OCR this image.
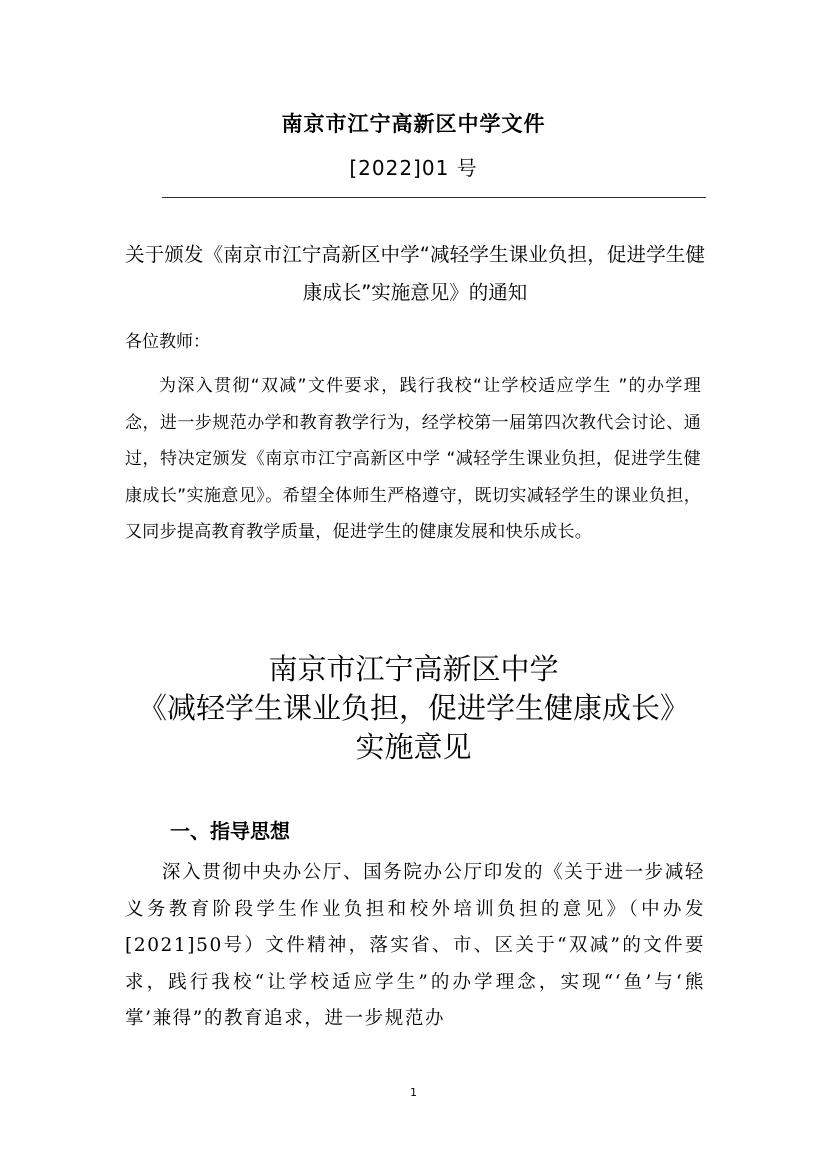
南京市江宁高新区中学文件
[2022]01 号
关于颁发《南京市江宁高新区中学“减轻学生课业负担，促进学生健康成长”实施意见》的通知
各位教师：
为深入贯彻“双减”文件要求，践行我校“让学校适应学生 ”的办学理念，进一步规范办学和教育教学行为，经学校第一届第四次教代会讨论、通过，特决定颁发《南京市江宁高新区中学 “减轻学生课业负担，促进学生健康成长”实施意见》。希望全体师生严格遵守，既切实减轻学生的课业负担，又同步提高教育教学质量，促进学生的健康发展和快乐成长。
南京市江宁高新区中学
《减轻学生课业负担，促进学生健康成长》
实施意见
一、指导思想
深入贯彻中央办公厅、国务院办公厅印发的《关于进一步减轻义务教育阶段学生作业负担和校外培训负担的意见》（中办发[2021]50号）文件精神，落实省、市、区关于“双减”的文件要求，践行我校“让学校适应学生”的办学理念，实现“‘鱼’与‘熊掌’兼得”的教育追求，进一步规范办
1
